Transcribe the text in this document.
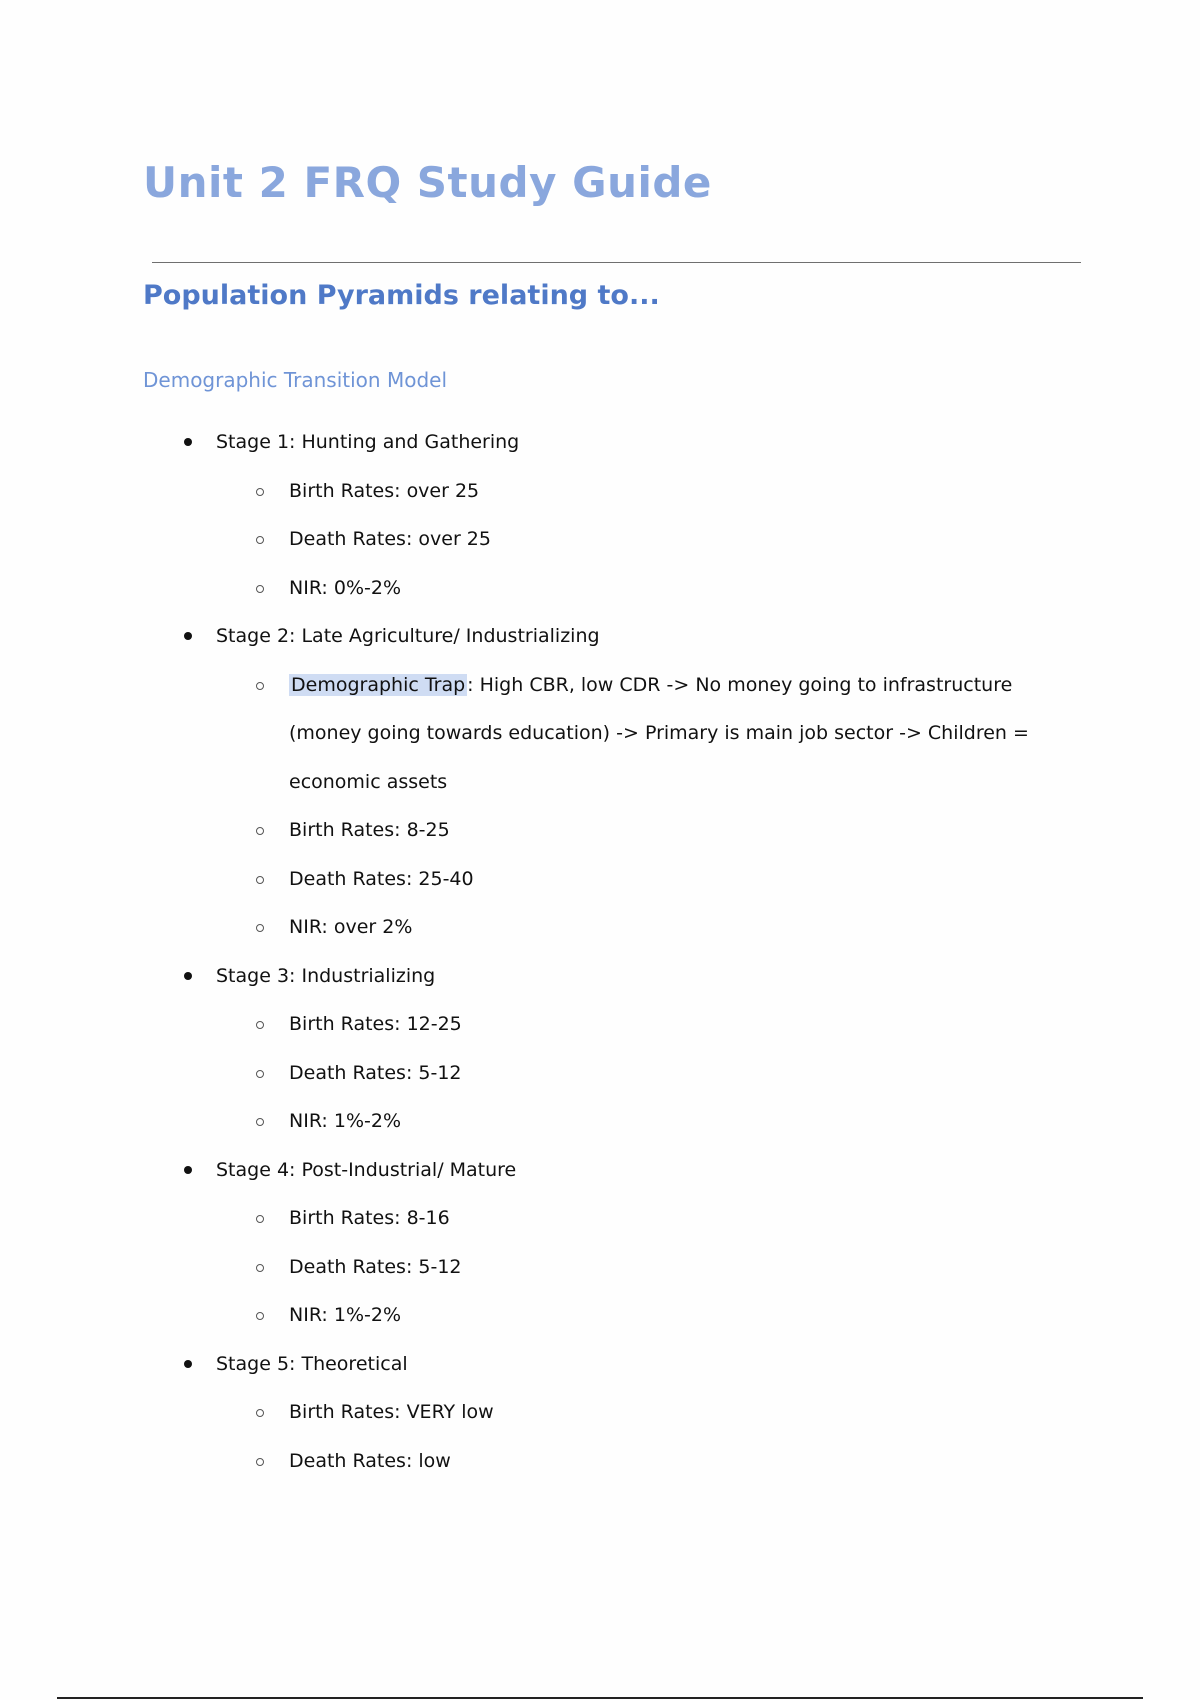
Unit 2 FRQ Study Guide
Population Pyramids relating to...
Demographic Transition Model
Stage 1: Hunting and Gathering
Birth Rates: over 25
Death Rates: over 25
NIR: 0%-2%
Stage 2: Late Agriculture/ Industrializing
Demographic Trap : High CBR, low CDR -> No money going to infrastructure (money going towards education) -> Primary is main job sector -> Children = economic assets
Birth Rates: 8-25
Death Rates: 25-40
NIR: over 2%
Stage 3: Industrializing
Birth Rates: 12-25
Death Rates: 5-12
NIR: 1%-2%
Stage 4: Post-Industrial/ Mature
Birth Rates: 8-16
Death Rates: 5-12
NIR: 1%-2%
Stage 5: Theoretical
Birth Rates: VERY low
Death Rates: low
